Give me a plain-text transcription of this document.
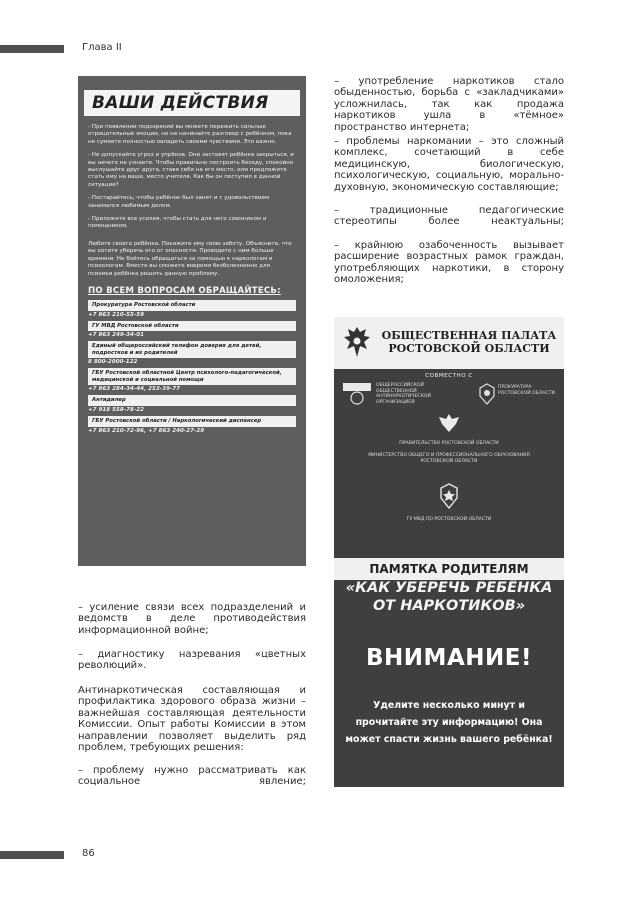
Глава II
86
ВАШИ ДЕЙСТВИЯ
- При появлении подозрений вы можете пережить сильные отрицательные эмоции, но не начинайте разговор с ребёнком, пока не сумеете полностью овладеть своими чувствами. Это важно.
- Не допускайте угроз и упрёков. Они заставят ребёнка закрыться, и вы ничего не узнаете. Чтобы правильно построить беседу, спокойно выслушайте друг друга, ставя себя на его место, или предложите стать ему на ваше, место учителя. Как бы он поступил в данной ситуации?
- Постарайтесь, чтобы ребёнок был занят и с удовольствием занимался любимым делом.
- Приложите все усилия, чтобы стать для него союзником и помощником.
Любите своего ребёнка. Покажите ему свою заботу. Объясните, что вы хотите уберечь его от опасности. Проводите с ним больше времени. Не бойтесь обращаться за помощью к наркологам и психологам. Вместе вы сможете вовремя безболезненно для психики ребёнка решить данную проблему.
ПО ВСЕМ ВОПРОСАМ ОБРАЩАЙТЕСЬ:
Прокуратура Ростовской области
+7 863 210-55-59
ГУ МВД Ростовской области
+7 863 249-34-01
Единый общероссийский телефон доверия для детей, подростков и их родителей
8 800-2000-122
ГБУ Ростовской областной Центр психолого-педагогической, медицинской и социальной помощи
+7 863 284-34-44, 253-39-77
Антидилер
+7 918 558-78-22
ГБУ Ростовской области / Наркологический диспансер
+7 863 210-72-96, +7 863 240-27-29
– употребление наркотиков стало обыденностью, борьба с «закладчиками» усложнилась, так как продажа наркотиков ушла в «тёмное» пространство интернета;
– проблемы наркомании – это сложный комплекс, сочетающий в себе медицинскую, биологическую, психологическую, социальную, морально-духовную, экономическую составляющие;
– традиционные педагогические стереотипы более неактуальны;
– крайнюю озабоченность вызывает расширение возрастных рамок граждан, употребляющих наркотики, в сторону омоложения;
ОБЩЕСТВЕННАЯ ПАЛАТА РОСТОВСКОЙ ОБЛАСТИ
СОВМЕСТНО С
ОБЩЕРОССИЙСКОЙ ОБЩЕСТВЕННОЙ АНТИНАРКОТИЧЕСКОЙ ОРГАНИЗАЦИЕЙ
ПРОКУРАТУРА РОСТОВСКОЙ ОБЛАСТИ
ПРАВИТЕЛЬСТВО РОСТОВСКОЙ ОБЛАСТИ
МИНИСТЕРСТВО ОБЩЕГО И ПРОФЕССИОНАЛЬНОГО ОБРАЗОВАНИЯ РОСТОВСКОЙ ОБЛАСТИ
ГУ МВД ПО РОСТОВСКОЙ ОБЛАСТИ
ПАМЯТКА РОДИТЕЛЯМ
«КАК УБЕРЕЧЬ РЕБЁНКА ОТ НАРКОТИКОВ»
ВНИМАНИЕ!
Уделите несколько минут и прочитайте эту информацию! Она может спасти жизнь вашего ребёнка!
– усиление связи всех подразделений и ведомств в деле противодействия информационной войне;
– диагностику назревания «цветных революций».
Антинаркотическая составляющая и профилактика здорового образа жизни – важнейшая составляющая деятельности Комиссии. Опыт работы Комиссии в этом направлении позволяет выделить ряд проблем, требующих решения:
– проблему нужно рассматривать как социальное явление;
